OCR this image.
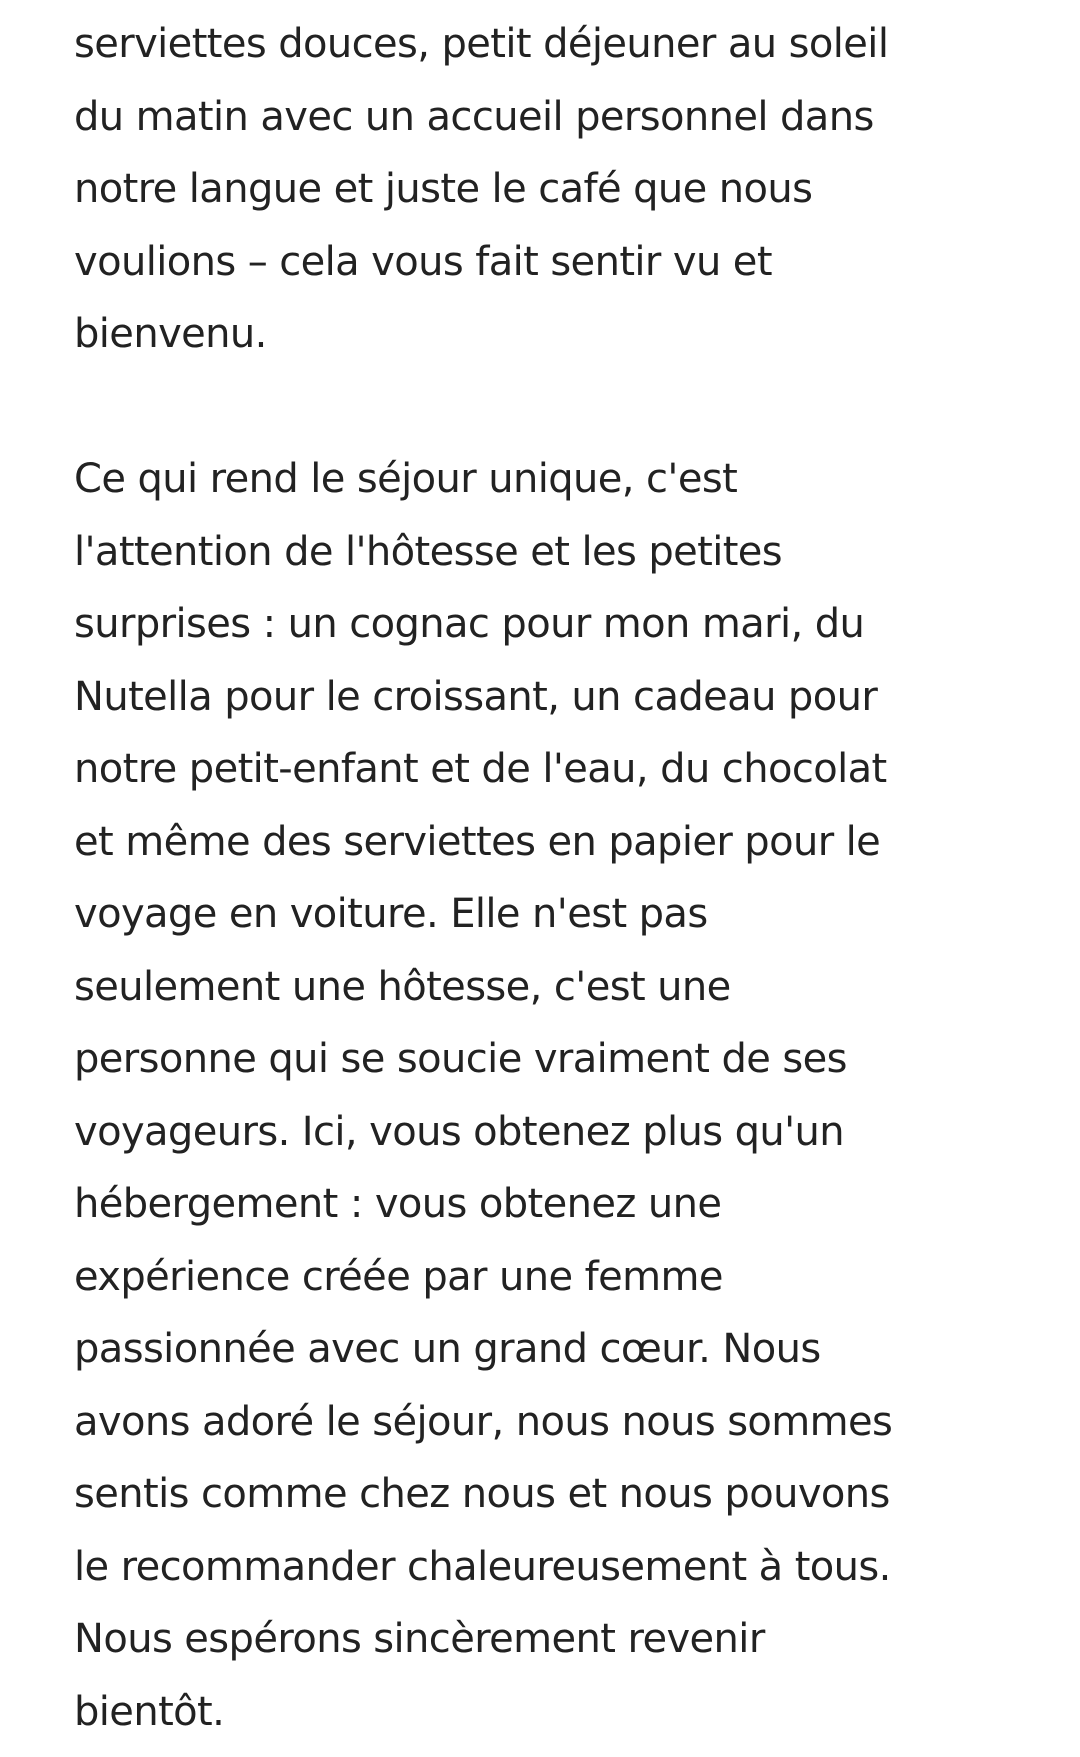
serviettes douces, petit déjeuner au soleil
du matin avec un accueil personnel dans
notre langue et juste le café que nous
voulions – cela vous fait sentir vu et
bienvenu.
Ce qui rend le séjour unique, c'est
l'attention de l'hôtesse et les petites
surprises : un cognac pour mon mari, du
Nutella pour le croissant, un cadeau pour
notre petit-enfant et de l'eau, du chocolat
et même des serviettes en papier pour le
voyage en voiture. Elle n'est pas
seulement une hôtesse, c'est une
personne qui se soucie vraiment de ses
voyageurs. Ici, vous obtenez plus qu'un
hébergement : vous obtenez une
expérience créée par une femme
passionnée avec un grand cœur. Nous
avons adoré le séjour, nous nous sommes
sentis comme chez nous et nous pouvons
le recommander chaleureusement à tous.
Nous espérons sincèrement revenir
bientôt.
